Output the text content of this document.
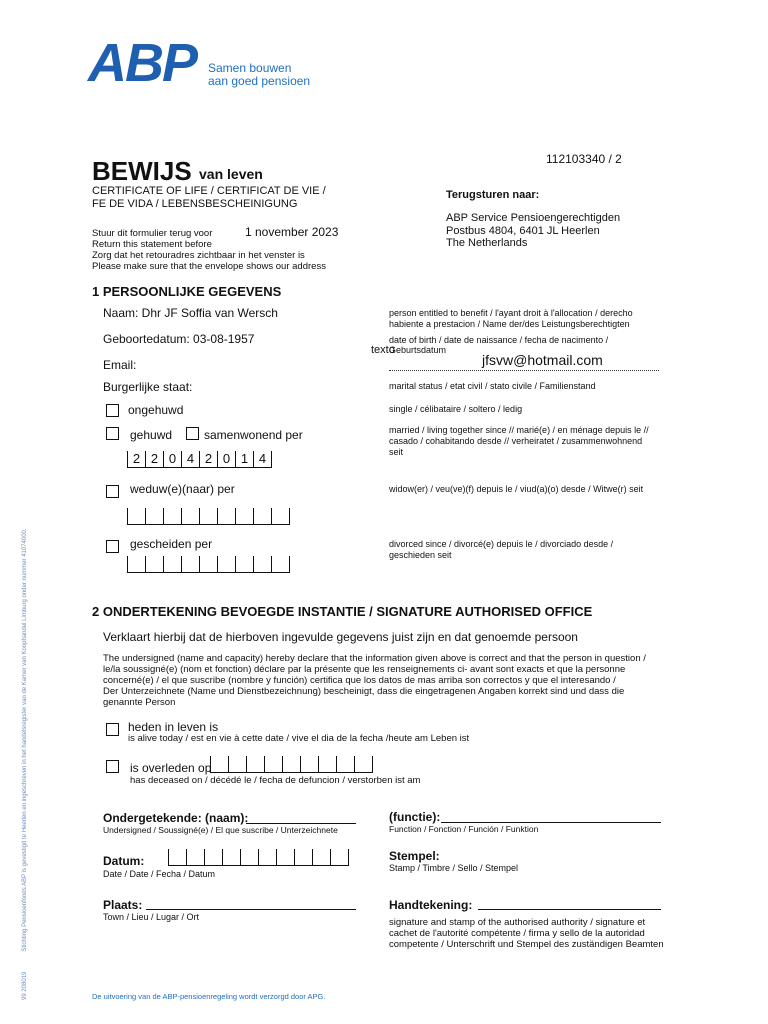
ABP Samen bouwen
aan goed pensioen
112103340 / 2
BEWIJS van leven
CERTIFICATE OF LIFE / CERTIFICAT DE VIE /
FE DE VIDA / LEBENSBESCHEINIGUNG
Terugsturen naar:
ABP Service Pensioengerechtigden
Postbus 4804, 6401 JL Heerlen
The Netherlands
Stuur dit formulier terug voor	1 november 2023
Return this statement before
Zorg dat het retouradres zichtbaar in het venster is
Please make sure that the envelope shows our address
1 PERSOONLIJKE GEGEVENS
Naam: Dhr JF Soffia van Wersch	person entitled to benefit / l'ayant droit à l'allocation / derecho
habiente a prestacion / Name der/des Leistungsberechtigten
Geboortedatum: 03-08-1957	date of birth / date de naissance / fecha de nacimento /
Geburtsdatum
texto
Email:	jfsvw@hotmail.com
Burgerlijke staat:	marital status / etat civil / stato civile / Familienstand
ongehuwd	single / célibataire / soltero / ledig
gehuwd	samenwonend per	married / living together since // marié(e) / en ménage depuis le //
casado / cohabitando desde // verheiratet / zusammenwohnend
seit
2 2 0 4 2 0 1 4
weduw(e)(naar) per	widow(er) / veu(ve)(f) depuis le / viud(a)(o) desde / Witwe(r) seit
gescheiden per	divorced since / divorcé(e) depuis le / divorciado desde /
geschieden seit
2 ONDERTEKENING BEVOEGDE INSTANTIE / SIGNATURE AUTHORISED OFFICE
Verklaart hierbij dat de hierboven ingevulde gegevens juist zijn en dat genoemde persoon
The undersigned (name and capacity) hereby declare that the information given above is correct and that the person in question /
le/la soussigné(e) (nom et fonction) déclare par la présente que les renseignements ci- avant sont exacts et que la personne
concerné(e) / el que suscribe (nombre y función) certifica que los datos de mas arriba son correctos y que el interesando /
Der Unterzeichnete (Name und Dienstbezeichnung) bescheinigt, dass die eingetragenen Angaben korrekt sind und dass die
genannte Person
heden in leven is
is alive today / est en vie à cette date / vive el dia de la fecha /heute am Leben ist
is overleden op
has deceased on / décédé le / fecha de defuncion / verstorben ist am
Ondergetekende: (naam):
Undersigned / Soussigné(e) / El que suscribe / Unterzeichnete
(functie):
Function / Fonction / Función / Funktion
Datum:
Date / Date / Fecha / Datum
Stempel:
Stamp / Timbre / Sello / Stempel
Plaats:
Town / Lieu / Lugar / Ort
Handtekening:
signature and stamp of the authorised authority / signature et
cachet de l'autorité compétente / firma y sello de la autoridad
competente / Unterschrift und Stempel des zuständigen Beamten
99 208019            Stichting Pensioenfonds ABP is gevestigd te Heerlen en ingeschreven in het handelsregister van de Kamer van Koophandel Limburg onder nummer 41074000.
De uitvoering van de ABP-pensioenregeling wordt verzorgd door APG.
